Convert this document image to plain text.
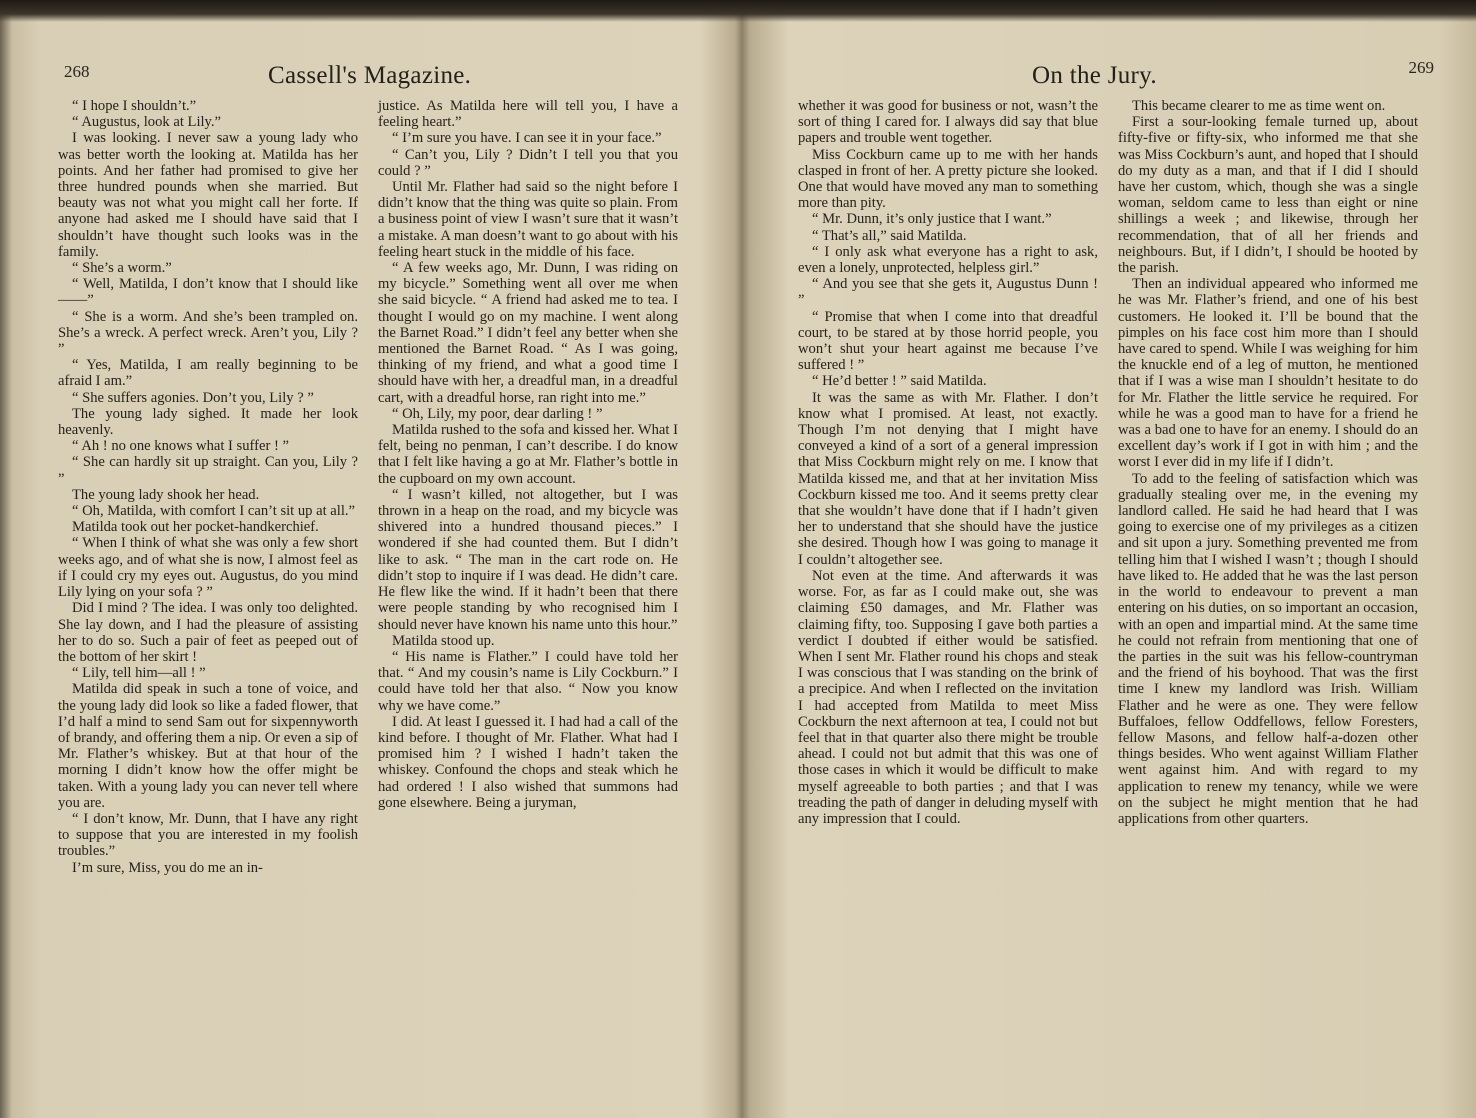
268	Cassell's Magazine.

“ I hope I shouldn’t.”

“ Augustus, look at Lily.”

I was looking. I never saw a young lady who was better worth the looking at. Matilda has her points. And her father had promised to give her three hundred pounds when she married. But beauty was not what you might call her forte. If anyone had asked me I should have said that I shouldn’t have thought such looks was in the family.

“ She’s a worm.”

“ Well, Matilda, I don’t know that I should like——”

“ She is a worm. And she’s been trampled on. She’s a wreck. A perfect wreck. Aren’t you, Lily ? ”

“ Yes, Matilda, I am really beginning to be afraid I am.”

“ She suffers agonies. Don’t you, Lily ? ”

The young lady sighed. It made her look heavenly.

“ Ah ! no one knows what I suffer ! ”

“ She can hardly sit up straight. Can you, Lily ? ”

The young lady shook her head.

“ Oh, Matilda, with comfort I can’t sit up at all.”

Matilda took out her pocket-handkerchief.

“ When I think of what she was only a few short weeks ago, and of what she is now, I almost feel as if I could cry my eyes out. Augustus, do you mind Lily lying on your sofa ? ”

Did I mind ? The idea. I was only too delighted. She lay down, and I had the pleasure of assisting her to do so. Such a pair of feet as peeped out of the bottom of her skirt !

“ Lily, tell him—all ! ”

Matilda did speak in such a tone of voice, and the young lady did look so like a faded flower, that I’d half a mind to send Sam out for sixpennyworth of brandy, and offering them a nip. Or even a sip of Mr. Flather’s whiskey. But at that hour of the morning I didn’t know how the offer might be taken. With a young lady you can never tell where you are.

“ I don’t know, Mr. Dunn, that I have any right to suppose that you are interested in my foolish troubles.”

I’m sure, Miss, you do me an in-

justice. As Matilda here will tell you, I have a feeling heart.”

“ I’m sure you have. I can see it in your face.”

“ Can’t you, Lily ? Didn’t I tell you that you could ? ”

Until Mr. Flather had said so the night before I didn’t know that the thing was quite so plain. From a business point of view I wasn’t sure that it wasn’t a mistake. A man doesn’t want to go about with his feeling heart stuck in the middle of his face.

“ A few weeks ago, Mr. Dunn, I was riding on my bicycle.” Something went all over me when she said bicycle. “ A friend had asked me to tea. I thought I would go on my machine. I went along the Barnet Road.” I didn’t feel any better when she mentioned the Barnet Road. “ As I was going, thinking of my friend, and what a good time I should have with her, a dreadful man, in a dreadful cart, with a dreadful horse, ran right into me.”

“ Oh, Lily, my poor, dear darling ! ”

Matilda rushed to the sofa and kissed her. What I felt, being no penman, I can’t describe. I do know that I felt like having a go at Mr. Flather’s bottle in the cupboard on my own account.

“ I wasn’t killed, not altogether, but I was thrown in a heap on the road, and my bicycle was shivered into a hundred thousand pieces.” I wondered if she had counted them. But I didn’t like to ask. “ The man in the cart rode on. He didn’t stop to inquire if I was dead. He didn’t care. He flew like the wind. If it hadn’t been that there were people standing by who recognised him I should never have known his name unto this hour.”

Matilda stood up.

“ His name is Flather.” I could have told her that. “ And my cousin’s name is Lily Cockburn.” I could have told her that also. “ Now you know why we have come.”

I did. At least I guessed it. I had had a call of the kind before. I thought of Mr. Flather. What had I promised him ? I wished I hadn’t taken the whiskey. Confound the chops and steak which he had ordered ! I also wished that summons had gone elsewhere. Being a juryman,

On the Jury.	269

whether it was good for business or not, wasn’t the sort of thing I cared for. I always did say that blue papers and trouble went together.

Miss Cockburn came up to me with her hands clasped in front of her. A pretty picture she looked. One that would have moved any man to something more than pity.

“ Mr. Dunn, it’s only justice that I want.”

“ That’s all,” said Matilda.

“ I only ask what everyone has a right to ask, even a lonely, unprotected, helpless girl.”

“ And you see that she gets it, Augustus Dunn ! ”

“ Promise that when I come into that dreadful court, to be stared at by those horrid people, you won’t shut your heart against me because I’ve suffered ! ”

“ He’d better ! ” said Matilda.

It was the same as with Mr. Flather. I don’t know what I promised. At least, not exactly. Though I’m not denying that I might have conveyed a kind of a sort of a general impression that Miss Cockburn might rely on me. I know that Matilda kissed me, and that at her invitation Miss Cockburn kissed me too. And it seems pretty clear that she wouldn’t have done that if I hadn’t given her to understand that she should have the justice she desired. Though how I was going to manage it I couldn’t altogether see.

Not even at the time. And afterwards it was worse. For, as far as I could make out, she was claiming £50 damages, and Mr. Flather was claiming fifty, too. Supposing I gave both parties a verdict I doubted if either would be satisfied. When I sent Mr. Flather round his chops and steak I was conscious that I was standing on the brink of a precipice. And when I reflected on the invitation I had accepted from Matilda to meet Miss Cockburn the next afternoon at tea, I could not but feel that in that quarter also there might be trouble ahead. I could not but admit that this was one of those cases in which it would be difficult to make myself agreeable to both parties ; and that I was treading the path of danger in deluding myself with any impression that I could.

This became clearer to me as time went on.

First a sour-looking female turned up, about fifty-five or fifty-six, who informed me that she was Miss Cockburn’s aunt, and hoped that I should do my duty as a man, and that if I did I should have her custom, which, though she was a single woman, seldom came to less than eight or nine shillings a week ; and likewise, through her recommendation, that of all her friends and neighbours. But, if I didn’t, I should be hooted by the parish.

Then an individual appeared who informed me he was Mr. Flather’s friend, and one of his best customers. He looked it. I’ll be bound that the pimples on his face cost him more than I should have cared to spend. While I was weighing for him the knuckle end of a leg of mutton, he mentioned that if I was a wise man I shouldn’t hesitate to do for Mr. Flather the little service he required. For while he was a good man to have for a friend he was a bad one to have for an enemy. I should do an excellent day’s work if I got in with him ; and the worst I ever did in my life if I didn’t.

To add to the feeling of satisfaction which was gradually stealing over me, in the evening my landlord called. He said he had heard that I was going to exercise one of my privileges as a citizen and sit upon a jury. Something prevented me from telling him that I wished I wasn’t ; though I should have liked to. He added that he was the last person in the world to endeavour to prevent a man entering on his duties, on so important an occasion, with an open and impartial mind. At the same time he could not refrain from mentioning that one of the parties in the suit was his fellow-countryman and the friend of his boyhood. That was the first time I knew my landlord was Irish. William Flather and he were as one. They were fellow Buffaloes, fellow Oddfellows, fellow Foresters, fellow Masons, and fellow half-a-dozen other things besides. Who went against William Flather went against him. And with regard to my application to renew my tenancy, while we were on the subject he might mention that he had applications from other quarters.
